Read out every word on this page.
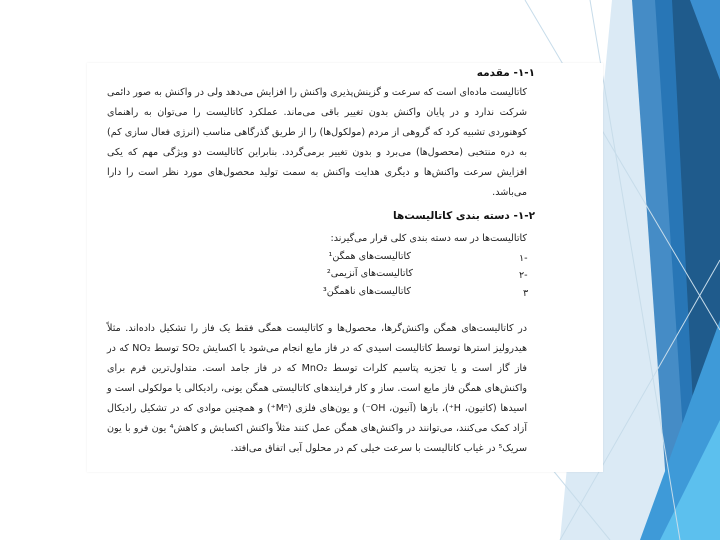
۱-۱- مقدمه
کاتالیست ماده‌ای است که سرعت و گزینش‌پذیری واکنش را افزایش می‌دهد ولی در واکنش به صور دائمی شرکت ندارد و در پایان واکنش بدون تغییر باقی می‌ماند. عملکرد کاتالیست را می‌توان به راهنمای کوهنوردی تشبیه کرد که گروهی از مردم (مولکول‌ها) را از طریق گذرگاهی مناسب (انرژی فعال سازی کم) به دره منتخبی (محصول‌ها) می‌برد و بدون تغییر برمی‌گردد. بنابراین کاتالیست دو ویژگی مهم که یکی افزایش سرعت واکنش‌ها و دیگری هدایت واکنش به سمت تولید محصول‌های مورد نظر است را دارا می‌باشد.
۱-۲- دسته بندی کاتالیست‌ها
کاتالیست‌ها در سه دسته بندی کلی قرار می‌گیرند:
۱-
کاتالیست‌های همگن¹
۲-
کاتالیست‌های آنزیمی²
۳
کاتالیست‌های ناهمگن³
در کاتالیست‌های همگن واکنش‌گرها، محصول‌ها و کاتالیست همگی فقط یک فاز را تشکیل داده‌اند. مثلاً هیدرولیز استرها توسط کاتالیست اسیدی که در فاز مایع انجام می‌شود یا اکسایش SO₂ توسط NO₂ که در فاز گاز است و یا تجزیه پتاسیم کلرات توسط MnO₂ که در فاز جامد است. متداول‌ترین فرم برای واکنش‌های همگن فاز مایع است. ساز و کار فرایندهای کاتالیستی همگن یونی، رادیکالی یا مولکولی است و اسیدها (کاتیون، H⁺)، بازها (آنیون، OH⁻) و یون‌های فلزی (Mⁿ⁺) و همچنین موادی که در تشکیل رادیکال آزاد کمک می‌کنند، می‌توانند در واکنش‌های همگن عمل کنند مثلاً واکنش اکسایش و کاهش⁴ یون فرو با یون سریک⁵ در غیاب کاتالیست با سرعت خیلی کم در محلول آبی اتفاق می‌افتد.
